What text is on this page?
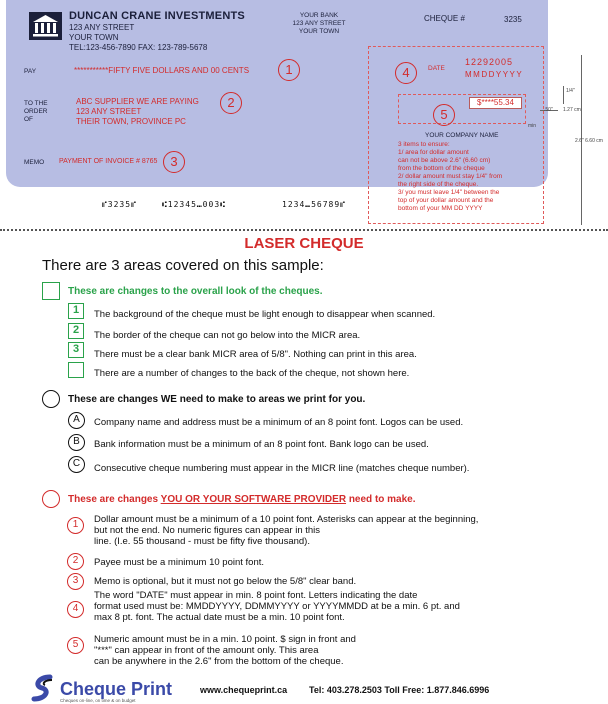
DUNCAN CRANE INVESTMENTS
123 ANY STREET
YOUR TOWN
TEL:123-456-7890 FAX: 123-789-5678
YOUR BANK
123 ANY STREET
YOUR TOWN
CHEQUE #	3235
PAY	***********FIFTY FIVE DOLLARS AND 00 CENTS	1
TO THE
ORDER
OF
ABC SUPPLIER WE ARE PAYING
123 ANY STREET
THEIR TOWN, PROVINCE PC
2
MEMO PAYMENT OF INVOICE # 8765 3
4	DATE
12292005
MMDDYYYY
5
$****55.34
YOUR COMPANY NAME
3 items to ensure:
1/ area for dollar amount
can not be above 2.6" (6.60 cm)
from the bottom of the cheque
2/ dollar amount must stay 1/4" from
the right side of the cheque.
3/ you must leave 1/4" between the
top of your dollar amount and the
bottom of your MM DD YYYY
1/4"
.50" 1.27 cm
min
2.6" 6.60 cm
⑈3235⑈	⑆12345⑉003⑆	1234⑉56789⑈
LASER CHEQUE
There are 3 areas covered on this sample:
These are changes to the overall look of the cheques.
1	The background of the cheque must be light enough to disappear when scanned.
2	The border of the cheque can not go below into the MICR area.
3	There must be a clear bank MICR area of 5/8". Nothing can print in this area.
There are a number of changes to the back of the cheque, not shown here.
These are changes WE need to make to areas we print for you.
A	Company name and address must be a minimum of an 8 point font. Logos can be used.
B	Bank information must be a minimum of an 8 point font. Bank logo can be used.
C	Consecutive cheque numbering must appear in the MICR line (matches cheque number).
These are changes YOU OR YOUR SOFTWARE PROVIDER need to make.
1	Dollar amount must be a minimum of a 10 point font. Asterisks can appear at the beginning,
but not the end. No numeric figures can appear in this
line. (I.e. 55 thousand - must be fifty five thousand).
2	Payee must be a minimum 10 point font.
3	Memo is optional, but it must not go below the 5/8" clear band.
4
The word "DATE" must appear in min. 8 point font. Letters indicating the date
format used must be: MMDDYYYY, DDMMYYYY or YYYYMMDD at be a min. 6 pt. and
max 8 pt. font. The actual date must be a min. 10 point font.
5	Numeric amount must be in a min. 10 point. $ sign in front and
"***" can appear in front of the amount only. This area
can be anywhere in the 2.6" from the bottom of the cheque.
Cheque Print
Cheques on-line, on time & on budget
www.chequeprint.ca Tel: 403.278.2503 Toll Free: 1.877.846.6996
